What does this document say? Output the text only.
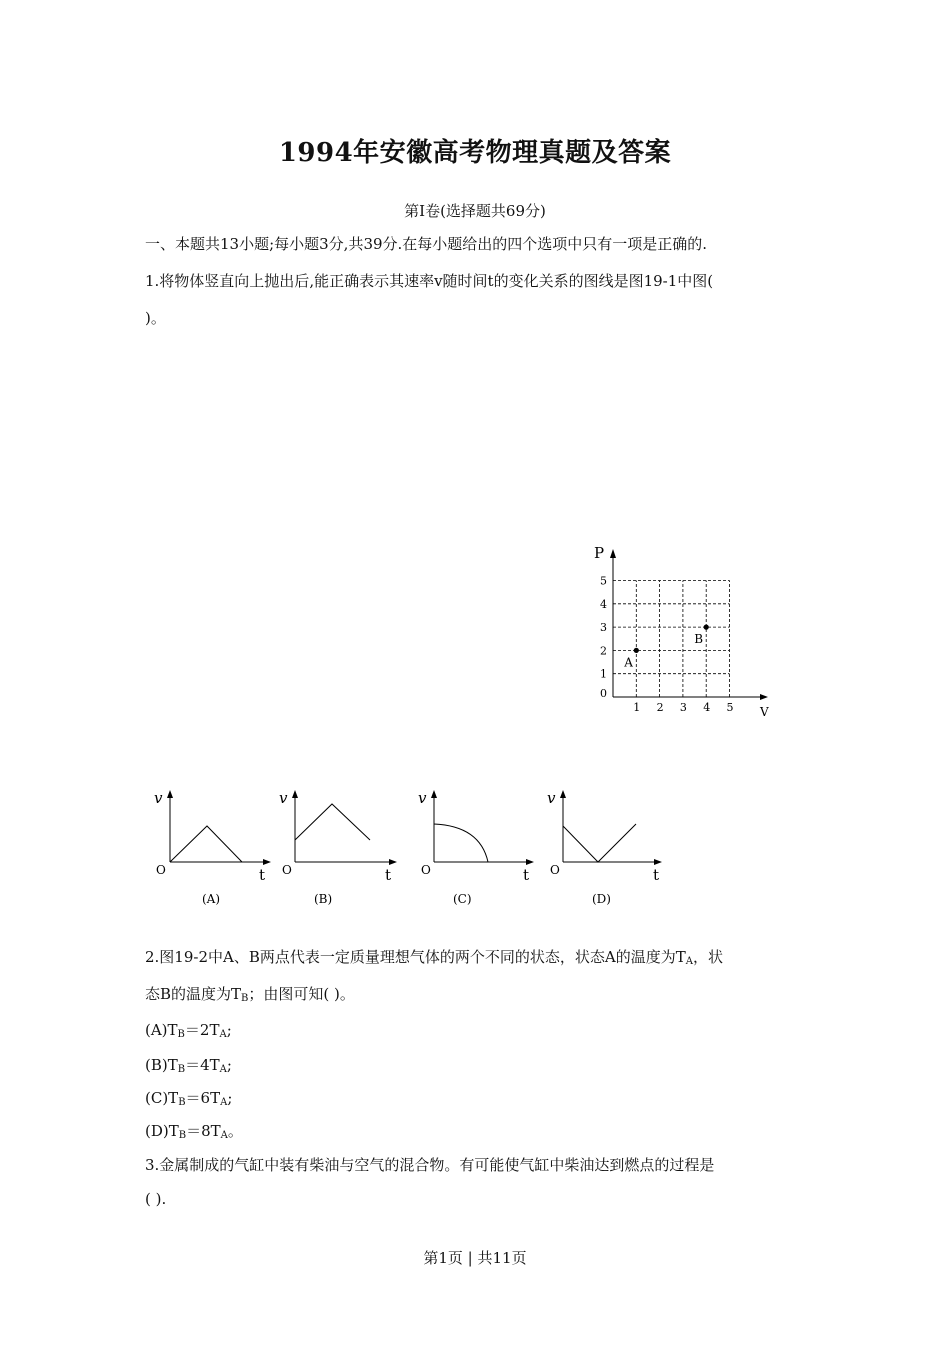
1994年安徽高考物理真题及答案
第Ⅰ卷(选择题共69分)
一、本题共13小题;每小题3分,共39分.在每小题给出的四个选项中只有一项是正确的.
1.将物体竖直向上抛出后,能正确表示其速率v随时间t的变化关系的图线是图19-1中图(
)。
1
1
2
2
3
3
4
4
5
5
P
V
0
A
B
v
t
O
(A)
v
t
O
(B)
v
t
O
(C)
v
t
O
(D)
2.图19-2中A、B两点代表一定质量理想气体的两个不同的状态，状态A的温度为TA，状
态B的温度为TB；由图可知( )。
(A)TB＝2TA;
(B)TB＝4TA;
(C)TB＝6TA;
(D)TB＝8TA。
3.金属制成的气缸中装有柴油与空气的混合物。有可能使气缸中柴油达到燃点的过程是
( ).
第1页 | 共11页
